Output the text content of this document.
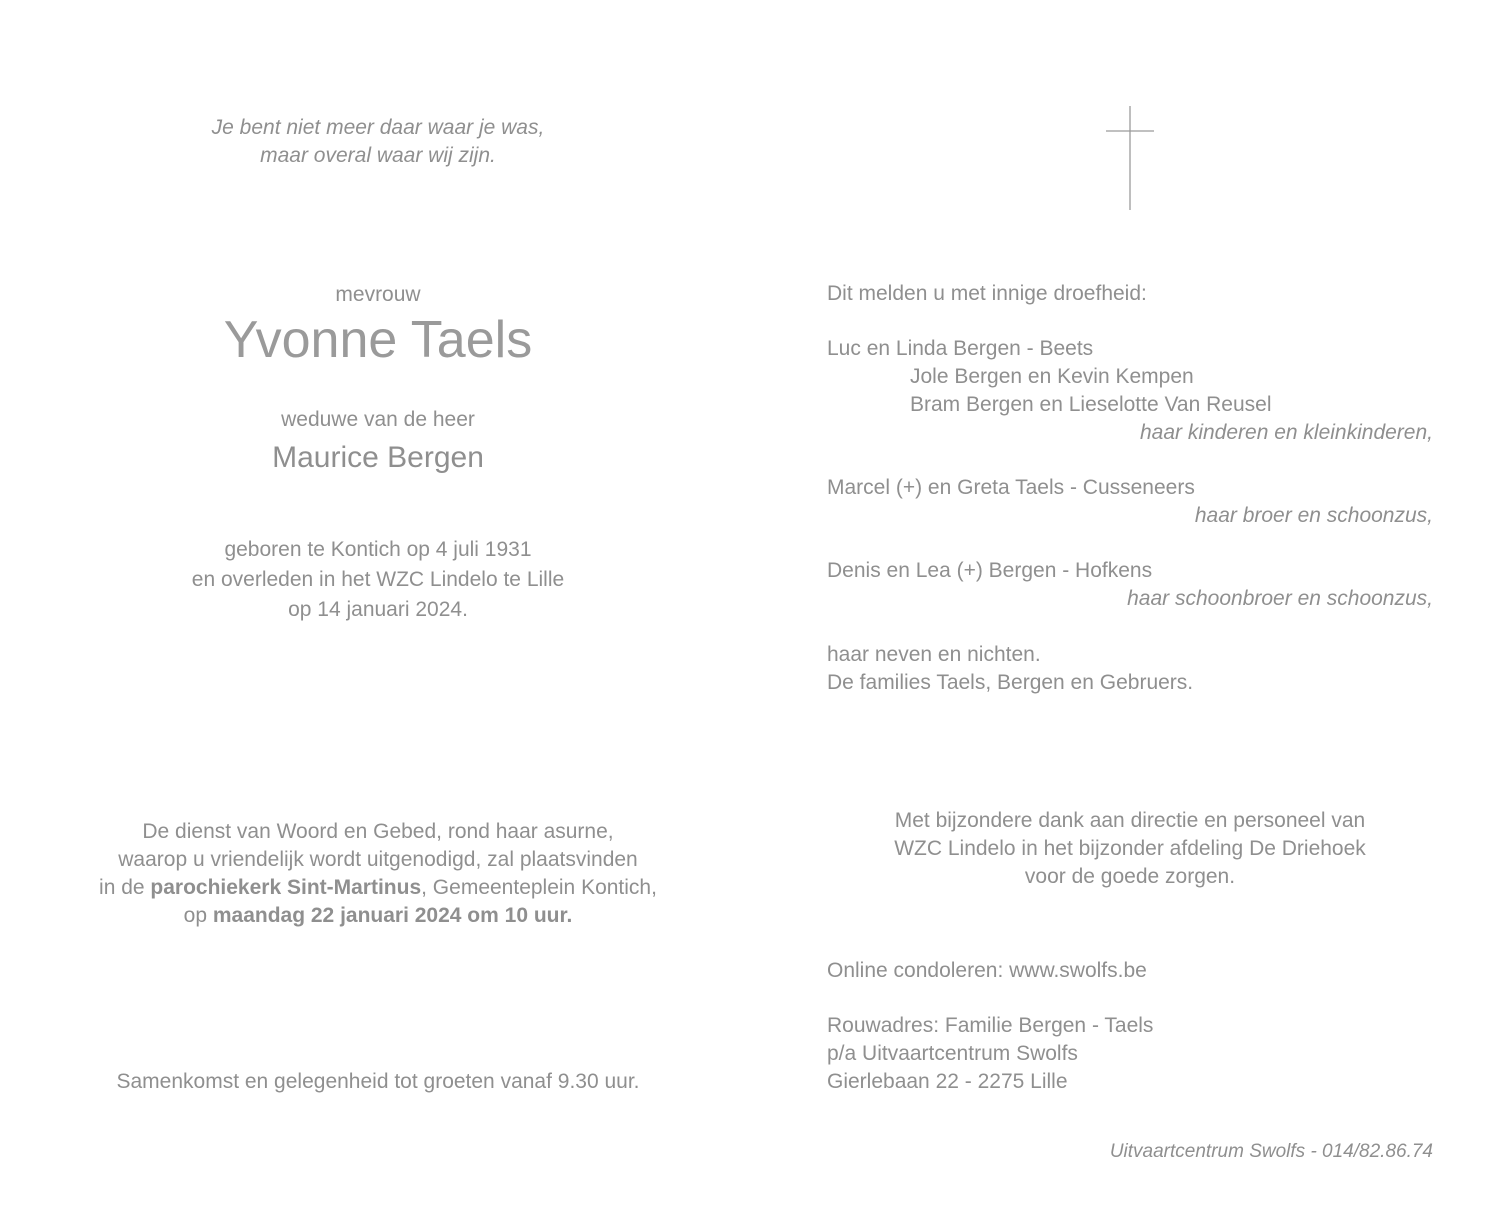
Je bent niet meer daar waar je was,
maar overal waar wij zijn.
mevrouw
Yvonne Taels
weduwe van de heer
Maurice Bergen
geboren te Kontich op 4 juli 1931
en overleden in het WZC Lindelo te Lille
op 14 januari 2024.
De dienst van Woord en Gebed, rond haar asurne,
waarop u vriendelijk wordt uitgenodigd, zal plaatsvinden
in de parochiekerk Sint-Martinus, Gemeenteplein Kontich,
op maandag 22 januari 2024 om 10 uur.
Samenkomst en gelegenheid tot groeten vanaf 9.30 uur.
Dit melden u met innige droefheid:
Luc en Linda Bergen - Beets
Jole Bergen en Kevin Kempen
Bram Bergen en Lieselotte Van Reusel
haar kinderen en kleinkinderen,
Marcel (+) en Greta Taels - Cusseneers
haar broer en schoonzus,
Denis en Lea (+) Bergen - Hofkens
haar schoonbroer en schoonzus,
haar neven en nichten.
De families Taels, Bergen en Gebruers.
Met bijzondere dank aan directie en personeel van
WZC Lindelo in het bijzonder afdeling De Driehoek
voor de goede zorgen.
Online condoleren: www.swolfs.be
Rouwadres: Familie Bergen - Taels
p/a Uitvaartcentrum Swolfs
Gierlebaan 22 - 2275 Lille
Uitvaartcentrum Swolfs - 014/82.86.74
